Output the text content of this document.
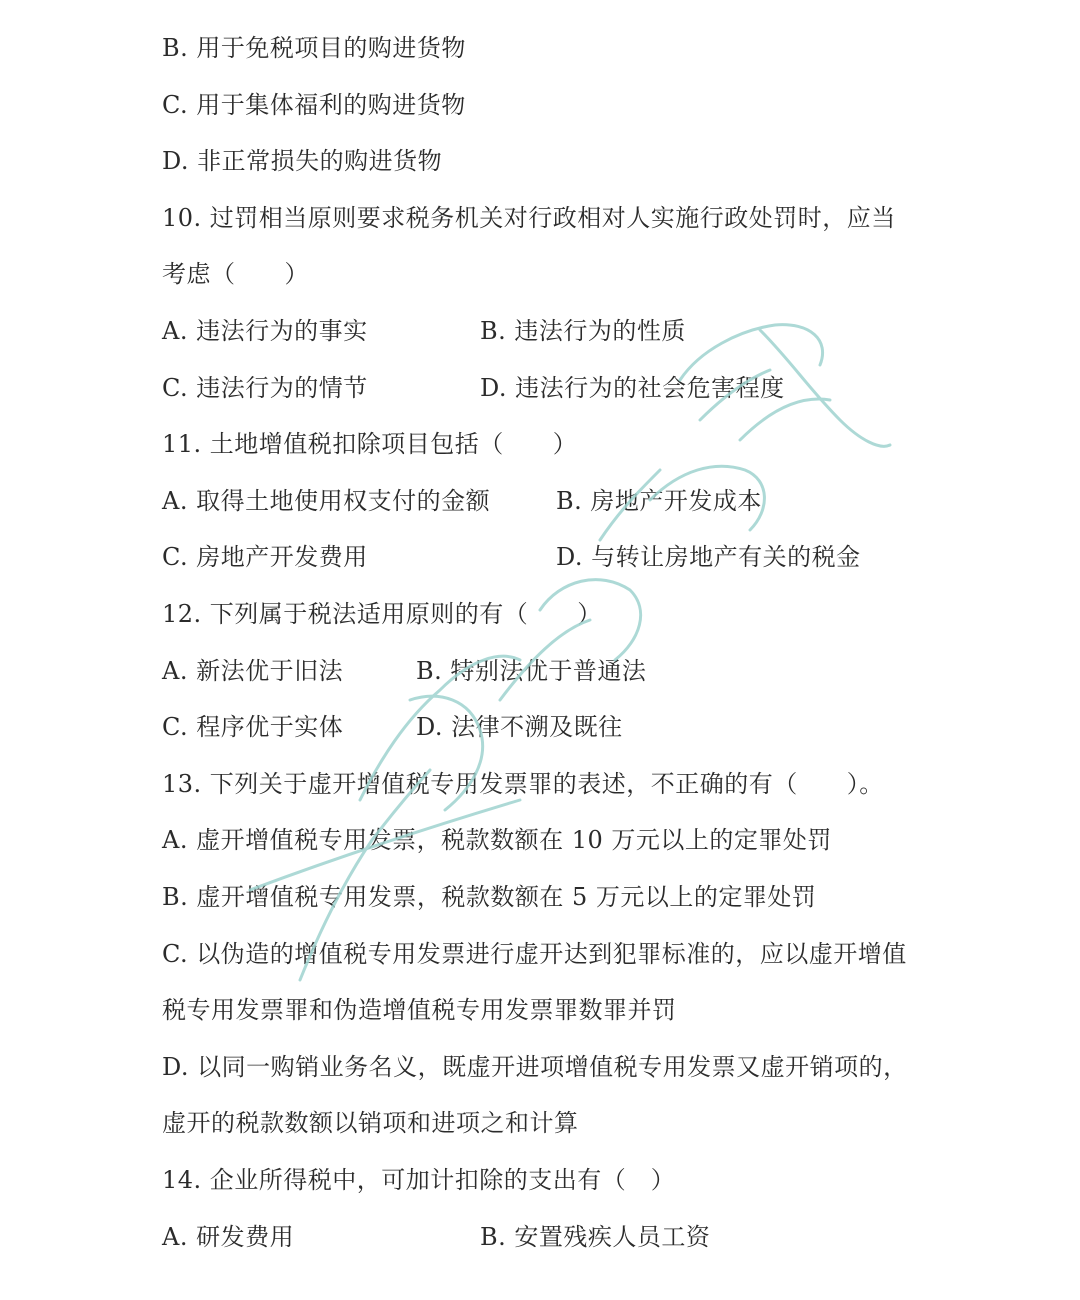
B. 用于免税项目的购进货物
C. 用于集体福利的购进货物
D. 非正常损失的购进货物
10. 过罚相当原则要求税务机关对行政相对人实施行政处罚时，应当
考虑（　　）
A. 违法行为的事实	B. 违法行为的性质
C. 违法行为的情节	D. 违法行为的社会危害程度
11. 土地增值税扣除项目包括（　　）
A. 取得土地使用权支付的金额	B. 房地产开发成本
C. 房地产开发费用	D. 与转让房地产有关的税金
12. 下列属于税法适用原则的有（　　）
A. 新法优于旧法	B. 特别法优于普通法
C. 程序优于实体	D. 法律不溯及既往
13. 下列关于虚开增值税专用发票罪的表述，不正确的有（　　）。
A. 虚开增值税专用发票，税款数额在 10 万元以上的定罪处罚
B. 虚开增值税专用发票，税款数额在 5 万元以上的定罪处罚
C. 以伪造的增值税专用发票进行虚开达到犯罪标准的，应以虚开增值
税专用发票罪和伪造增值税专用发票罪数罪并罚
D. 以同一购销业务名义，既虚开进项增值税专用发票又虚开销项的，
虚开的税款数额以销项和进项之和计算
14. 企业所得税中，可加计扣除的支出有（　）
A. 研发费用	B. 安置残疾人员工资
